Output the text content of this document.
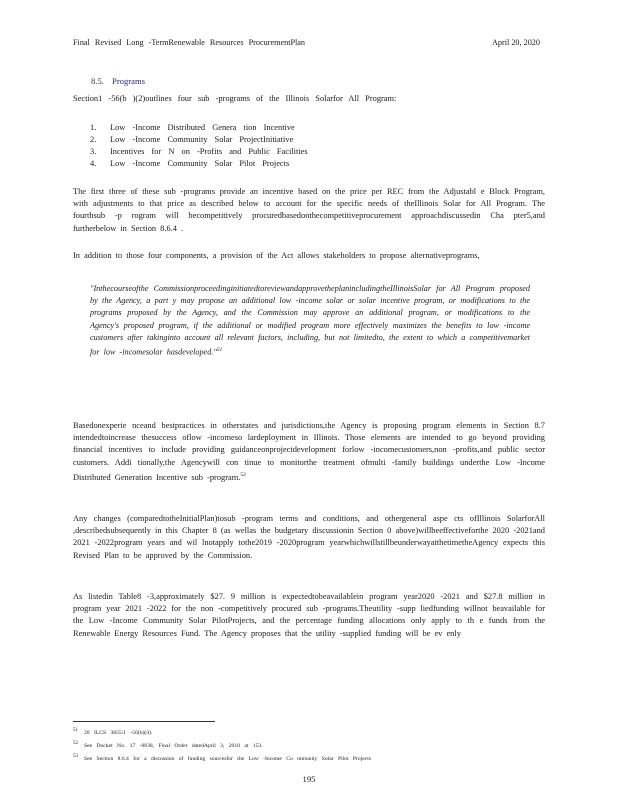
Final Revised Long -TermRenewable Resources ProcurementPlan	April 20, 2020
8.5. Programs
Section1 -56(b )(2)outlines four sub -programs of the Illinois Solarfor All Program:
1.	Low -Income Distributed Genera tion Incentive
2.	Low -Income Community Solar ProjectInitiative
3.	Incentives for N on -Profits and Public Facilities
4.	Low -Income Community Solar Pilot Projects
The first three of these sub -programs provide an incentive based on the price per REC from the Adjustabl e Block Program, with adjustments to that price as described below to account for the specific needs of theIllinois Solar for All Program. The fourthsub -p rogram will becompetitively procuredbasedonthecompetitiveprocurement approachdiscussedin Cha pter5,and furtherbelow in Section 8.6.4 .
In addition to those four components, a provision of the Act allows stakeholders to propose alternativeprograms,
"Inthecourseofthe CommissionproceedinginitiatedtoreviewandapprovetheplanincludingtheIllinoisSolar for All Program proposed by the Agency, a part y may propose an additional low -income solar or solar incentive program, or modifications to the programs proposed by the Agency, and the Commission may approve an additional program, or modifications to the Agency's proposed program, if the additional or modified program more effectively maximizes the benefits to low -income customers after takinginto account all relevant factors, including, but not limitedto, the extent to which a competitivemarket for low -incomesolar hasdeveloped."$^{51}$
Basedonexperie nceand bestpractices in otherstates and jurisdictions,the Agency is proposing program elements in Section 8.7 intendedtoincrease thesuccess oflow -incomeso lardeployment in Illinois. Those elements are intended to go beyond providing financial incentives to include providing guidanceonprojectdevelopment forlow -incomecustomers,non -profits,and public sector customers. Addi tionally,the Agencywill con tinue to monitorthe treatment ofmulti -family buildings underthe Low -Income Distributed Generation Incentive sub -program.$^{52}$
Any changes (comparedtotheInitialPlan)tosub -program terms and conditions, and othergeneral aspe cts ofIllinois SolarforAll ,describedsubsequently in this Chapter 8 (as wellas the budgetary discussionin Section 0 above)willbeeffectiveforthe 2020 -2021and 2021 -2022program years and wil lnotapply tothe2019 -2020program yearwhichwillstillbeunderwayatthetimetheAgency expects this Revised Plan to be approved by the Commission.
As listedin Table8 -3,approximately $27. 9 million is expectedtobeavailablein program year2020 -2021 and $27.8 million in program year 2021 -2022 for the non -competitively procured sub -programs.Theutility -supp liedfunding willnot beavailable for the Low -Income Community Solar PilotProjects, and the percentage funding allocations only apply to th e funds from the Renewable Energy Resources Fund. The Agency proposes that the utility -supplied funding will be ev enly
51 20 ILCS 3855/1 -56(b)(4).
52 See Docket No. 17 -0838, Final Order datedApril 3, 2018 at 153.
53 See Section 8.6.4 for a discussion of funding sourcesfor the Low -Income Co mmunity Solar Pilot Projects
195
